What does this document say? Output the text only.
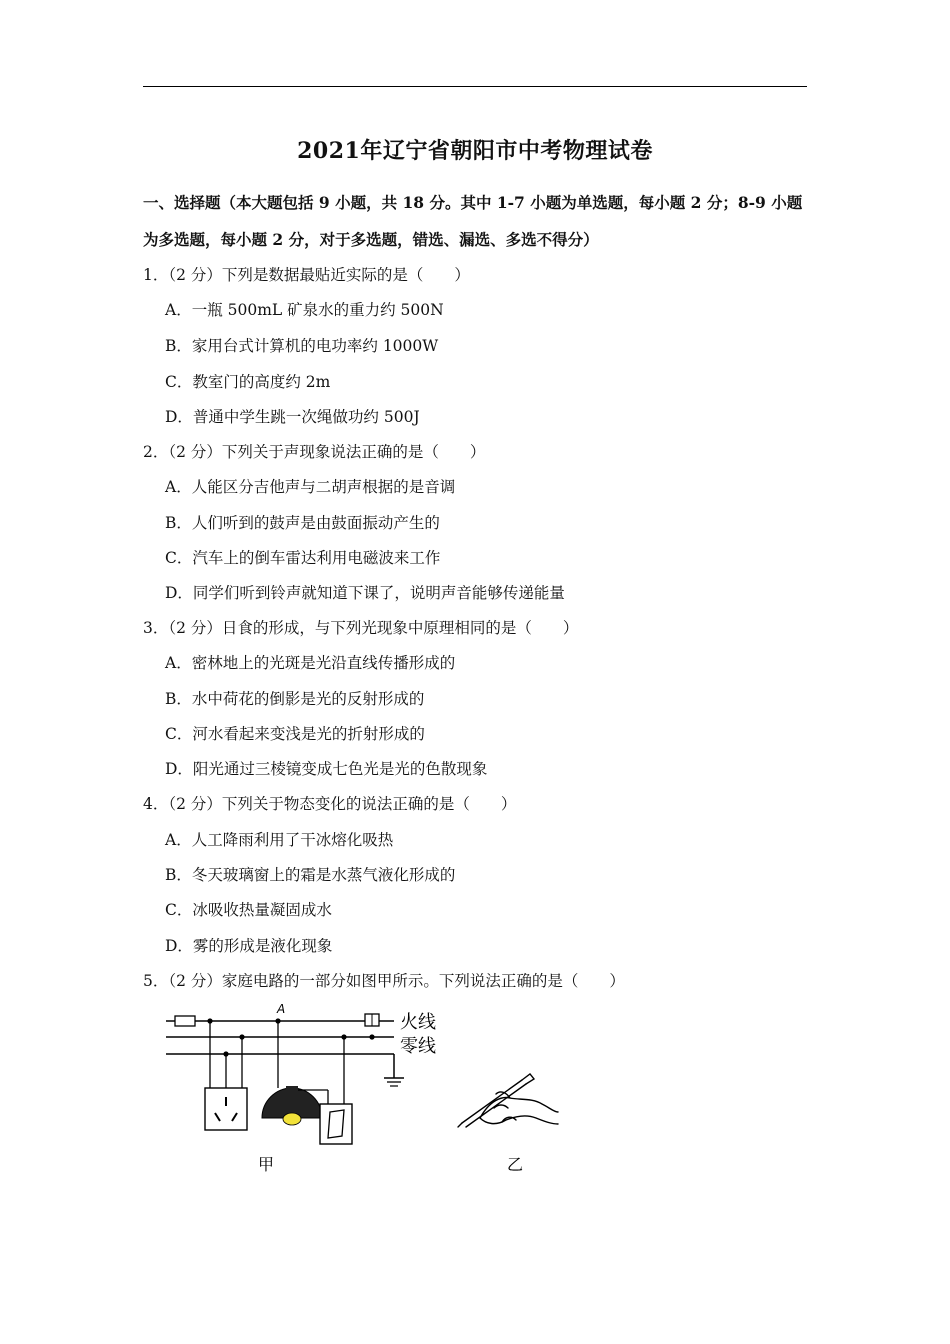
2021年辽宁省朝阳市中考物理试卷
一、选择题（本大题包括 9 小题，共 18 分。其中 1-7 小题为单选题，每小题 2 分；8-9 小题
为多选题，每小题 2 分，对于多选题，错选、漏选、多选不得分）
1．（2 分）下列是数据最贴近实际的是（　　）
A．一瓶 500mL 矿泉水的重力约 500N
B．家用台式计算机的电功率约 1000W
C．教室门的高度约 2m
D．普通中学生跳一次绳做功约 500J
2．（2 分）下列关于声现象说法正确的是（　　）
A．人能区分吉他声与二胡声根据的是音调
B．人们听到的鼓声是由鼓面振动产生的
C．汽车上的倒车雷达利用电磁波来工作
D．同学们听到铃声就知道下课了，说明声音能够传递能量
3．（2 分）日食的形成，与下列光现象中原理相同的是（　　）
A．密林地上的光斑是光沿直线传播形成的
B．水中荷花的倒影是光的反射形成的
C．河水看起来变浅是光的折射形成的
D．阳光通过三棱镜变成七色光是光的色散现象
4．（2 分）下列关于物态变化的说法正确的是（　　）
A．人工降雨利用了干冰熔化吸热
B．冬天玻璃窗上的霜是水蒸气液化形成的
C．冰吸收热量凝固成水
D．雾的形成是液化现象
5．（2 分）家庭电路的一部分如图甲所示。下列说法正确的是（　　）
A
火线
零线
甲	乙
